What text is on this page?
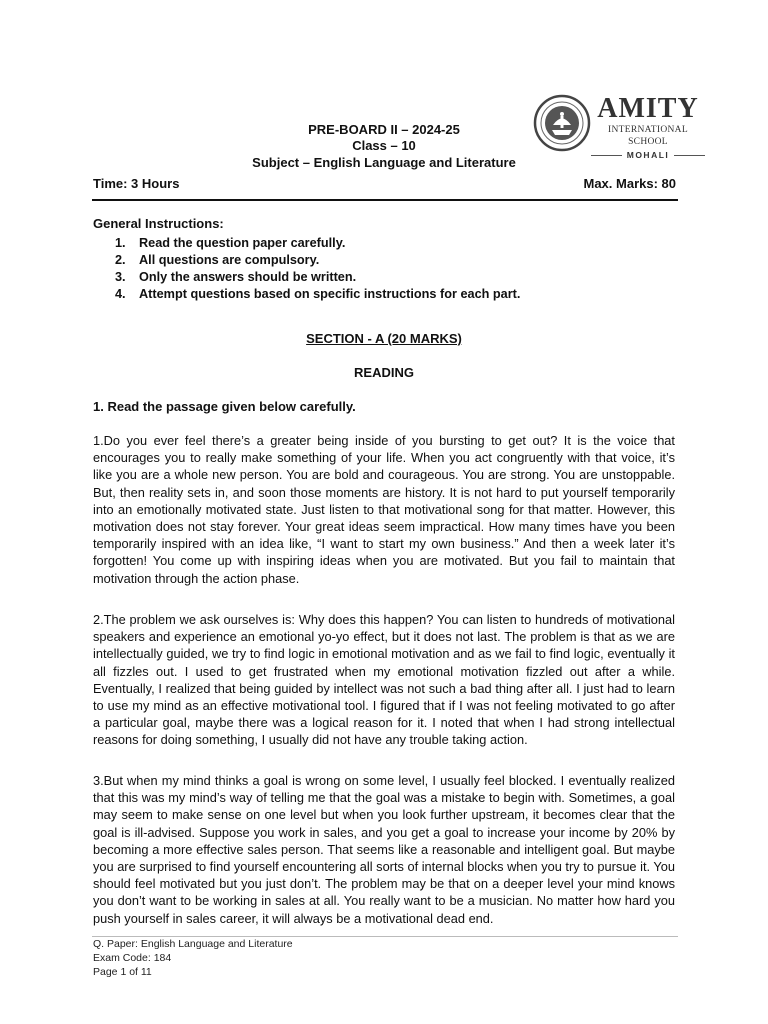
AMITY
INTERNATIONAL SCHOOL
MOHALI
PRE-BOARD II – 2024-25
Class – 10
Subject – English Language and Literature
Time: 3 Hours	Max. Marks: 80
General Instructions:
1. Read the question paper carefully.
2. All questions are compulsory.
3. Only the answers should be written.
4. Attempt questions based on specific instructions for each part.
SECTION - A (20 MARKS)
READING
1. Read the passage given below carefully.

1.Do you ever feel there’s a greater being inside of you bursting to get out? It is the voice that encourages you to really make something of your life. When you act congruently with that voice, it’s like you are a whole new person. You are bold and courageous. You are strong. You are unstoppable. But, then reality sets in, and soon those moments are history. It is not hard to put yourself temporarily into an emotionally motivated state. Just listen to that motivational song for that matter. However, this motivation does not stay forever. Your great ideas seem impractical. How many times have you been temporarily inspired with an idea like, “I want to start my own business.” And then a week later it’s forgotten! You come up with inspiring ideas when you are motivated. But you fail to maintain that motivation through the action phase.

2.The problem we ask ourselves is: Why does this happen? You can listen to hundreds of motivational speakers and experience an emotional yo-yo effect, but it does not last. The problem is that as we are intellectually guided, we try to find logic in emotional motivation and as we fail to find logic, eventually it all fizzles out. I used to get frustrated when my emotional motivation fizzled out after a while. Eventually, I realized that being guided by intellect was not such a bad thing after all. I just had to learn to use my mind as an effective motivational tool. I figured that if I was not feeling motivated to go after a particular goal, maybe there was a logical reason for it. I noted that when I had strong intellectual reasons for doing something, I usually did not have any trouble taking action.

3.But when my mind thinks a goal is wrong on some level, I usually feel blocked. I eventually realized that this was my mind’s way of telling me that the goal was a mistake to begin with. Sometimes, a goal may seem to make sense on one level but when you look further upstream, it becomes clear that the goal is ill-advised. Suppose you work in sales, and you get a goal to increase your income by 20% by becoming a more effective sales person. That seems like a reasonable and intelligent goal. But maybe you are surprised to find yourself encountering all sorts of internal blocks when you try to pursue it. You should feel motivated but you just don’t. The problem may be that on a deeper level your mind knows you don’t want to be working in sales at all. You really want to be a musician. No matter how hard you push yourself in sales career, it will always be a motivational dead end.

Q. Paper: English Language and Literature
Exam Code: 184
Page 1 of 11
